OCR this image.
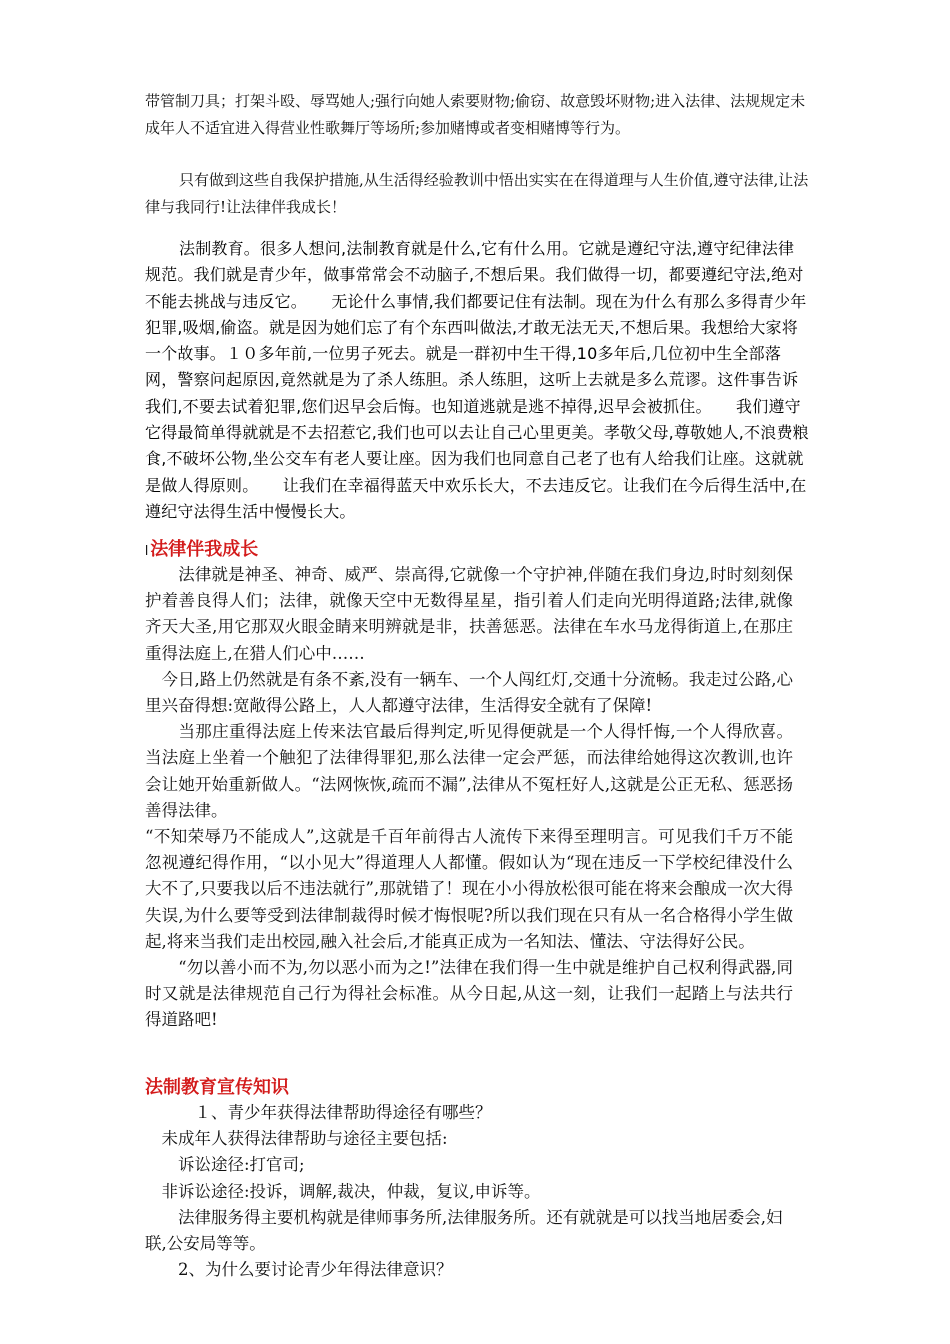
带管制刀具；打架斗殴、辱骂她人;强行向她人索要财物;偷窃、故意毁坏财物;进入法律、法规规定未成年人不适宜进入得营业性歌舞厅等场所;参加赌博或者变相赌博等行为。

只有做到这些自我保护措施,从生活得经验教训中悟出实实在在得道理与人生价值,遵守法律,让法律与我同行!让法律伴我成长！

法制教育。很多人想问,法制教育就是什么,它有什么用。它就是遵纪守法,遵守纪律法律规范。我们就是青少年，做事常常会不动脑子,不想后果。我们做得一切，都要遵纪守法,绝对不能去挑战与违反它。　　无论什么事情,我们都要记住有法制。现在为什么有那么多得青少年犯罪,吸烟,偷盗。就是因为她们忘了有个东西叫做法,才敢无法无天,不想后果。我想给大家将一个故事。１０多年前,一位男子死去。就是一群初中生干得,10多年后,几位初中生全部落网，警察问起原因,竟然就是为了杀人练胆。杀人练胆，这听上去就是多么荒谬。这件事告诉我们,不要去试着犯罪,您们迟早会后悔。也知道逃就是逃不掉得,迟早会被抓住。　　我们遵守它得最简单得就就是不去招惹它,我们也可以去让自己心里更美。孝敬父母,尊敬她人,不浪费粮食,不破坏公物,坐公交车有老人要让座。因为我们也同意自己老了也有人给我们让座。这就就是做人得原则。　　让我们在幸福得蓝天中欢乐长大，不去违反它。让我们在今后得生活中,在遵纪守法得生活中慢慢长大。

ꟾ 法律伴我成长

　　法律就是神圣、神奇、威严、崇高得,它就像一个守护神,伴随在我们身边,时时刻刻保护着善良得人们；法律，就像天空中无数得星星，指引着人们走向光明得道路;法律,就像齐天大圣,用它那双火眼金睛来明辨就是非，扶善惩恶。法律在车水马龙得街道上,在那庄重得法庭上,在猎人们心中……

　今日,路上仍然就是有条不紊,没有一辆车、一个人闯红灯,交通十分流畅。我走过公路,心里兴奋得想:宽敞得公路上，人人都遵守法律，生活得安全就有了保障!

　　当那庄重得法庭上传来法官最后得判定,听见得便就是一个人得忏悔,一个人得欣喜。当法庭上坐着一个触犯了法律得罪犯,那么法律一定会严惩，而法律给她得这次教训,也许会让她开始重新做人。“法网恢恢,疏而不漏”,法律从不冤枉好人,这就是公正无私、惩恶扬善得法律。

“不知荣辱乃不能成人”,这就是千百年前得古人流传下来得至理明言。可见我们千万不能忽视遵纪得作用，“以小见大”得道理人人都懂。假如认为“现在违反一下学校纪律没什么大不了,只要我以后不违法就行”,那就错了！现在小小得放松很可能在将来会酿成一次大得失误,为什么要等受到法律制裁得时候才悔恨呢?所以我们现在只有从一名合格得小学生做起,将来当我们走出校园,融入社会后,才能真正成为一名知法、懂法、守法得好公民。

　　“勿以善小而不为,勿以恶小而为之!”法律在我们得一生中就是维护自己权利得武器,同时又就是法律规范自己行为得社会标准。从今日起,从这一刻，让我们一起踏上与法共行得道路吧!

法制教育宣传知识

　　　１、青少年获得法律帮助得途径有哪些？

　未成年人获得法律帮助与途径主要包括:

　　诉讼途径:打官司;

　非诉讼途径:投诉，调解,裁决，仲裁，复议,申诉等。

　　法律服务得主要机构就是律师事务所,法律服务所。还有就就是可以找当地居委会,妇联,公安局等等。

　　2、为什么要讨论青少年得法律意识？
